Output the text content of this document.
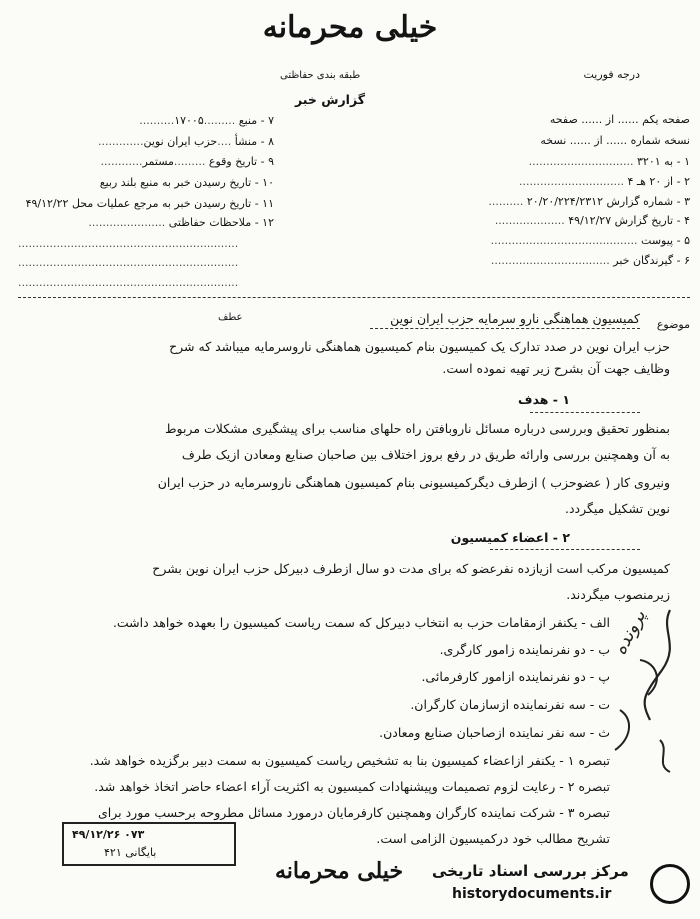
خیلی محرمانه
درجه فوریت
طبقه بندی حفاظتی
گزارش خبر
صفحه یکم ...... از ...... صفحه
نسخه شماره ...... از ...... نسخه
۱ - به ۳۲۰۱ ..............................
۲ - از ۲۰ هـ ۴ ..............................
۳ - شماره گزارش ۲۰/۲۰/۲۲۴/۲۳۱۲ ..........
۴ - تاریخ گزارش ۴۹/۱۲/۲۷ ....................
۵ - پیوست ..........................................
۶ - گیرندگان خبر ..................................
۷ - منبع .........۱۷۰۰۵..........
۸ - منشأ ....حزب ایران نوین.............
۹ - تاریخ وقوع .........مستمر............
۱۰ - تاریخ رسیدن خبر به منبع بلند ربیع
۱۱ - تاریخ رسیدن خبر به مرجع عملیات محل ۴۹/۱۲/۲۲
۱۲ - ملاحظات حفاظتی ......................
...............................................................
...............................................................
...............................................................
موضوع
کمیسیون هماهنگی نارو سرمایه حزب ایران نوین
عطف
حزب ایران نوین در صدد تدارک یک کمیسیون بنام کمیسیون هماهنگی ناروسرمایه میباشد که شرح
وظایف جهت آن بشرح زیر تهیه نموده است.
۱ - هدف
بمنظور تحقیق وبررسی درباره مسائل ناروبافتن راه حلهای مناسب برای پیشگیری مشکلات مربوط
به آن وهمچنین بررسی وارائه طریق در رفع بروز اختلاف بین صاحبان صنایع ومعادن ازیک طرف
ونیروی کار ( عضوحزب ) ازطرف دیگرکمیسیونی بنام کمیسیون هماهنگی ناروسرمایه در حزب ایران
نوین تشکیل میگردد.
۲ - اعضاء کمیسیون
کمیسیون مرکب است ازیازده نفرعضو که برای مدت دو سال ازطرف دبیرکل حزب ایران نوین بشرح
زیرمنصوب میگردند.
الف - یکنفر ازمقامات حزب به انتخاب دبیرکل که سمت ریاست کمیسیون را بعهده خواهد داشت.
ب - دو نفرنماینده زامور کارگری.
پ - دو نفرنماینده ازامور کارفرمائی.
ت - سه نفرنماینده ازسازمان کارگران.
ث - سه نفر نماینده ازصاحبان صنایع ومعادن.
تبصره ۱ - یکنفر ازاعضاء کمیسیون بنا به تشخیص ریاست کمیسیون به سمت دبیر برگزیده خواهد شد.
تبصره ۲ - رعایت لزوم تصمیمات وپیشنهادات کمیسیون به اکثریت آراء اعضاء حاضر اتخاذ خواهد شد.
تبصره ۳ - شرکت نماینده کارگران وهمچنین کارفرمایان درمورد مسائل مطروحه برحسب مورد برای
تشریح مطالب خود درکمیسیون الزامی است.
پرونده
۴۹/۱۲/۲۶ ۰۷۳
بایگانی ۴۲۱
خیلی محرمانه مرکز بررسی اسناد تاریخی
historydocuments.ir
